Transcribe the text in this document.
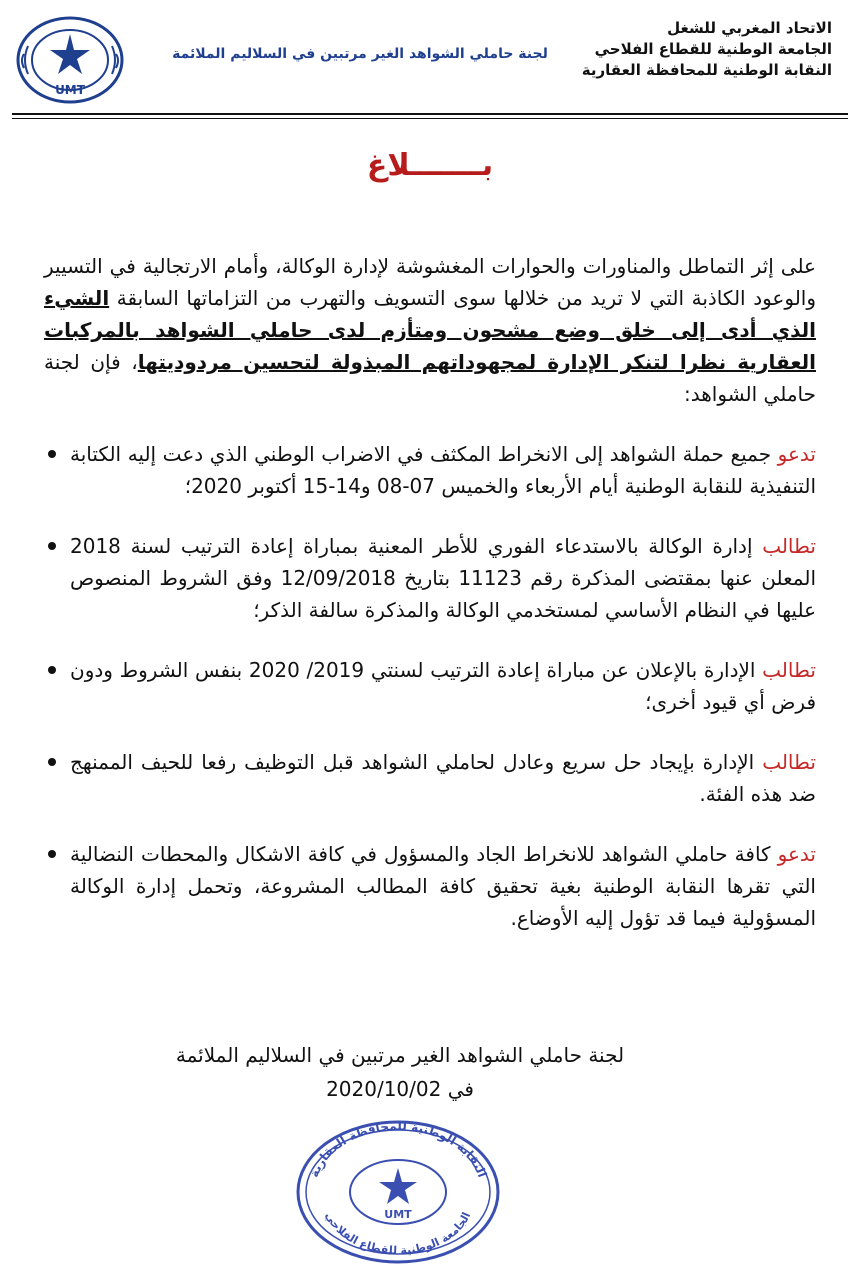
الاتحاد المغربي للشغل
الجامعة الوطنية للقطاع الفلاحي
النقابة الوطنية للمحافظة العقارية
لجنة حاملي الشواهد الغير مرتبين في السلاليم الملائمة
UMT
بـــــــلاغ
على إثر التماطل والمناورات والحوارات المغشوشة لإدارة الوكالة، وأمام الارتجالية في التسيير والوعود الكاذبة التي لا تريد من خلالها سوى التسويف والتهرب من التزاماتها السابقة الشيء الذي أدى إلى خلق وضع مشحون ومتأزم لدى حاملي الشواهد بالمركبات العقارية نظرا لتنكر الإدارة لمجهوداتهم المبذولة لتحسين مردوديتها، فإن لجنة حاملي الشواهد:
تدعو جميع حملة الشواهد إلى الانخراط المكثف في الاضراب الوطني الذي دعت إليه الكتابة التنفيذية للنقابة الوطنية أيام الأربعاء والخميس 07-08 و14-15 أكتوبر 2020؛
تطالب إدارة الوكالة بالاستدعاء الفوري للأطر المعنية بمباراة إعادة الترتيب لسنة 2018 المعلن عنها بمقتضى المذكرة رقم 11123 بتاريخ 12/09/2018 وفق الشروط المنصوص عليها في النظام الأساسي لمستخدمي الوكالة والمذكرة سالفة الذكر؛
تطالب الإدارة بالإعلان عن مباراة إعادة الترتيب لسنتي 2019/ 2020 بنفس الشروط ودون فرض أي قيود أخرى؛
تطالب الإدارة بإيجاد حل سريع وعادل لحاملي الشواهد قبل التوظيف رفعا للحيف الممنهج ضد هذه الفئة.
تدعو كافة حاملي الشواهد للانخراط الجاد والمسؤول في كافة الاشكال والمحطات النضالية التي تقرها النقابة الوطنية بغية تحقيق كافة المطالب المشروعة، وتحمل إدارة الوكالة المسؤولية فيما قد تؤول إليه الأوضاع.
لجنة حاملي الشواهد الغير مرتبين في السلاليم الملائمة
في 2020/10/02
النقابة الوطنية للمحافظة العقارية
الجامعة الوطنية للقطاع الفلاحي
UMT
